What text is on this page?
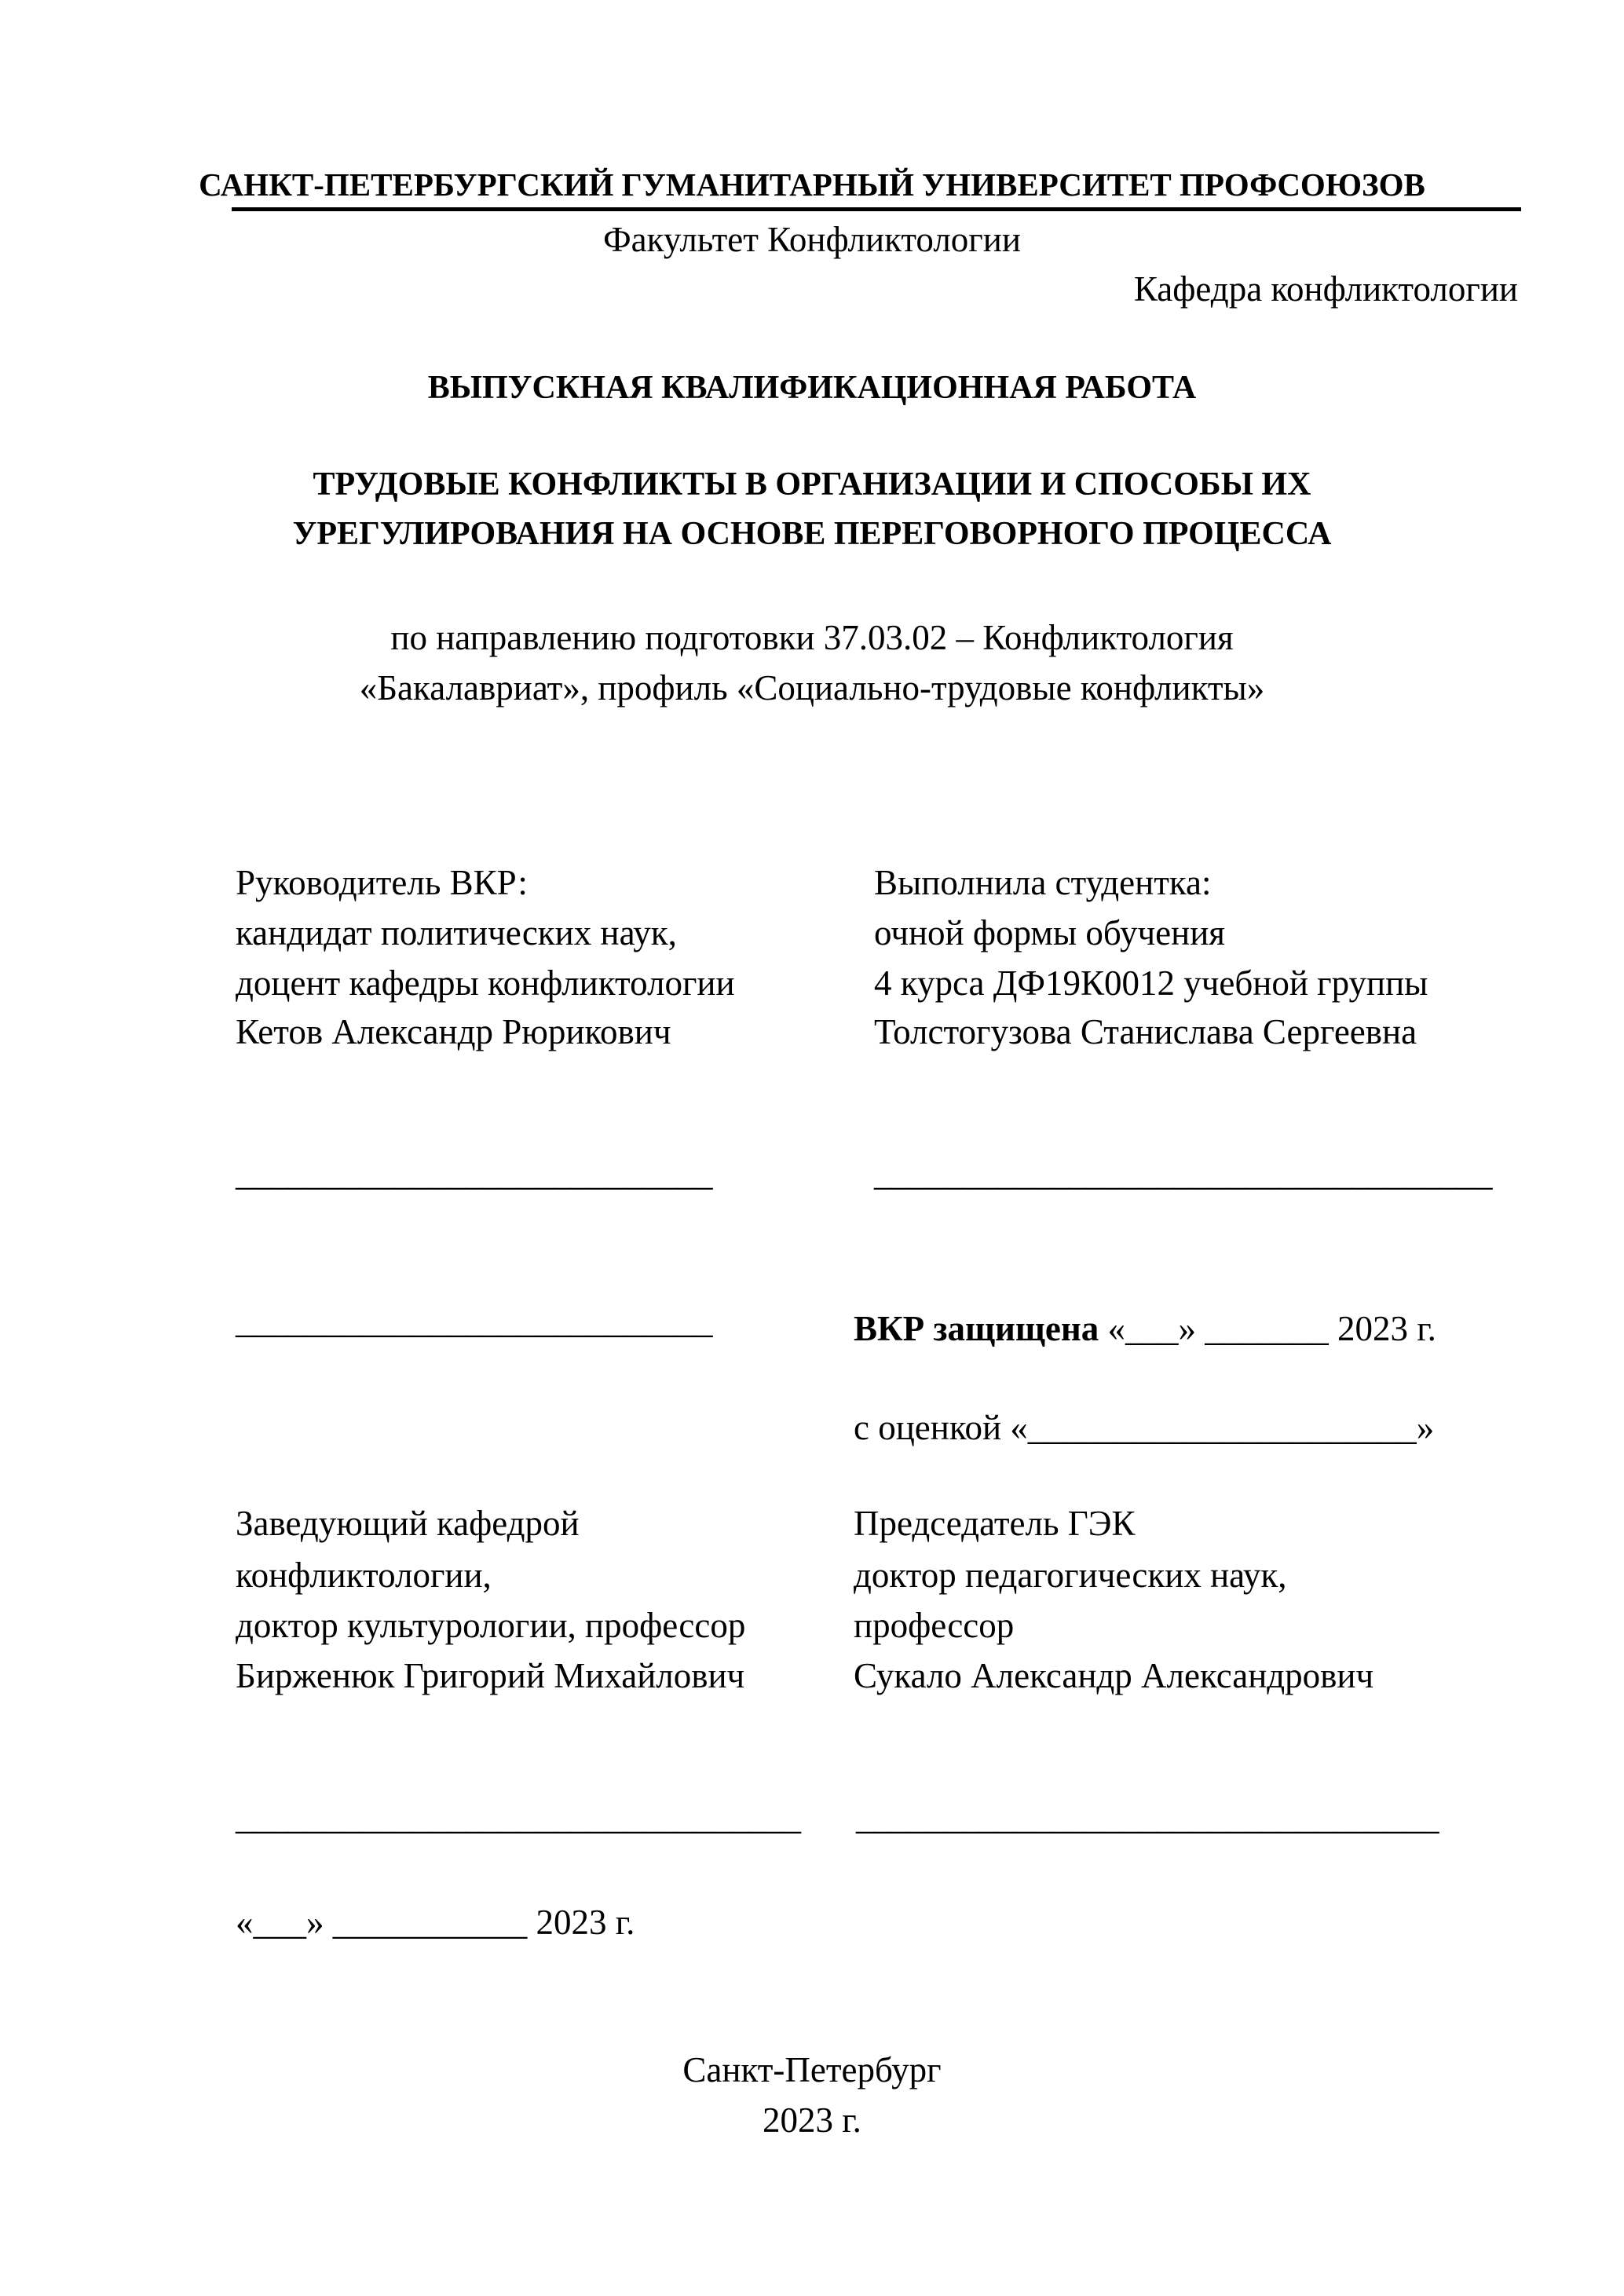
САНКТ-ПЕТЕРБУРГСКИЙ ГУМАНИТАРНЫЙ УНИВЕРСИТЕТ ПРОФСОЮЗОВ
Факультет Конфликтологии
Кафедра конфликтологии
ВЫПУСКНАЯ КВАЛИФИКАЦИОННАЯ РАБОТА
ТРУДОВЫЕ КОНФЛИКТЫ В ОРГАНИЗАЦИИ И СПОСОБЫ ИХ
УРЕГУЛИРОВАНИЯ НА ОСНОВЕ ПЕРЕГОВОРНОГО ПРОЦЕССА
по направлению подготовки 37.03.02 – Конфликтология
«Бакалавриат», профиль «Социально-трудовые конфликты»
Руководитель ВКР:
кандидат политических наук,
доцент кафедры конфликтологии
Кетов Александр Рюрикович
Выполнила студентка:
очной формы обучения
4 курса ДФ19К0012 учебной группы
Толстогузова Станислава Сергеевна
___________________________	___________________________________
___________________________	ВКР защищена «___» _______ 2023 г.
с оценкой «______________________»
Заведующий кафедрой
конфликтологии,
доктор культурологии, профессор
Бирженюк Григорий Михайлович
Председатель ГЭК
доктор педагогических наук,
профессор
Сукало Александр Александрович
________________________________ _________________________________
«___» ___________ 2023 г.
Санкт-Петербург
2023 г.
